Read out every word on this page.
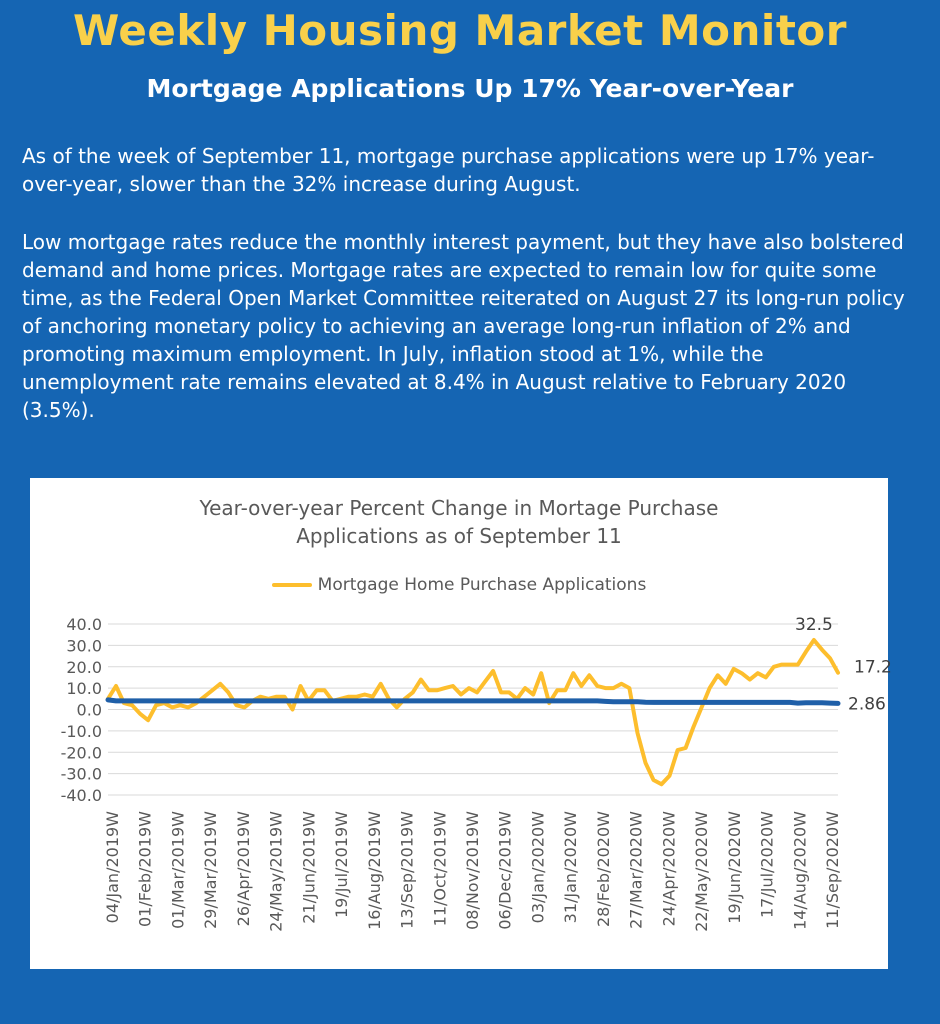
Weekly Housing Market Monitor
Mortgage Applications Up 17% Year-over-Year

As of the week of September 11, mortgage purchase applications were up 17% year-over-year, slower than the 32% increase during August.

Low mortgage rates reduce the monthly interest payment, but they have also bolstered demand and home prices. Mortgage rates are expected to remain low for quite some time, as the Federal Open Market Committee reiterated on August 27 its long-run policy of anchoring monetary policy to achieving an average long-run inflation of 2% and promoting maximum employment. In July, inflation stood at 1%, while the unemployment rate remains elevated at 8.4% in August relative to February 2020 (3.5%).

40.0
30.0
20.0
10.0
0.0
-10.0
-20.0
-30.0
-40.0
04/Jan/2019W 01/Feb/2019W 01/Mar/2019W 29/Mar/2019W 26/Apr/2019W 24/May/2019W 21/Jun/2019W 19/Jul/2019W 16/Aug/2019W 13/Sep/2019W 11/Oct/2019W 08/Nov/2019W 06/Dec/2019W 03/Jan/2020W 31/Jan/2020W 28/Feb/2020W 27/Mar/2020W 24/Apr/2020W 22/May/2020W 19/Jun/2020W 17/Jul/2020W 14/Aug/2020W 11/Sep/2020W
32.5
17.2
2.86
Year-over-year Percent Change in Mortage Purchase
Applications as of September 11
Mortgage Home Purchase Applications
